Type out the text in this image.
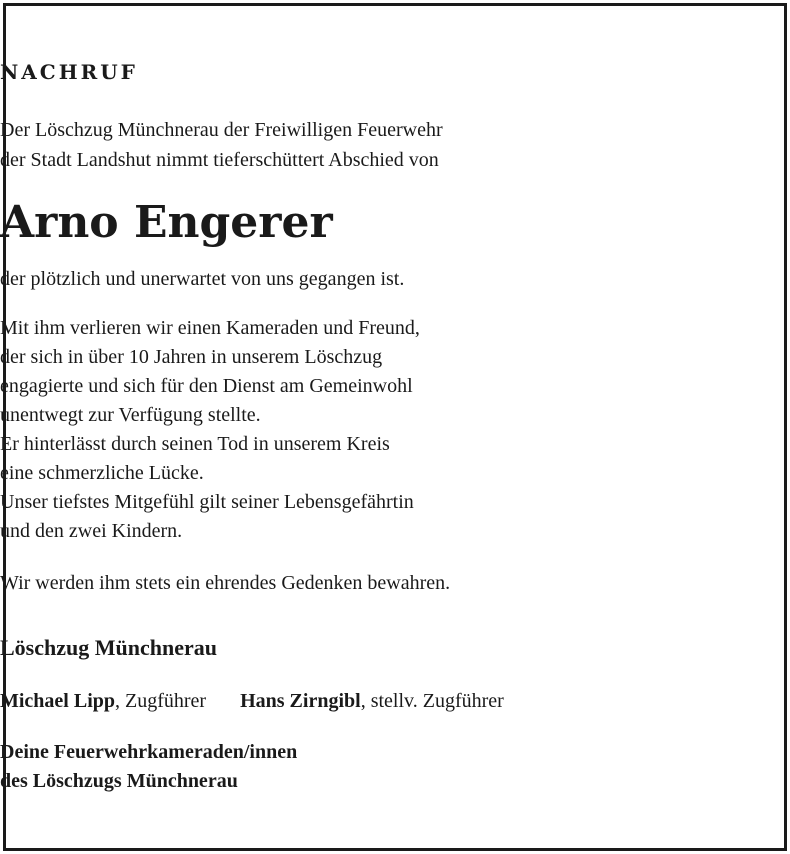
NACHRUF
Der Löschzug Münchnerau der Freiwilligen Feuerwehr
der Stadt Landshut nimmt tieferschüttert Abschied von
Arno Engerer
der plötzlich und unerwartet von uns gegangen ist.
Mit ihm verlieren wir einen Kameraden und Freund,
der sich in über 10 Jahren in unserem Löschzug
engagierte und sich für den Dienst am Gemeinwohl
unentwegt zur Verfügung stellte.
Er hinterlässt durch seinen Tod in unserem Kreis
eine schmerzliche Lücke.
Unser tiefstes Mitgefühl gilt seiner Lebensgefährtin
und den zwei Kindern.
Wir werden ihm stets ein ehrendes Gedenken bewahren.
Löschzug Münchnerau
Michael Lipp, Zugführer Hans Zirngibl, stellv. Zugführer
Deine Feuerwehrkameraden/innen
des Löschzugs Münchnerau
